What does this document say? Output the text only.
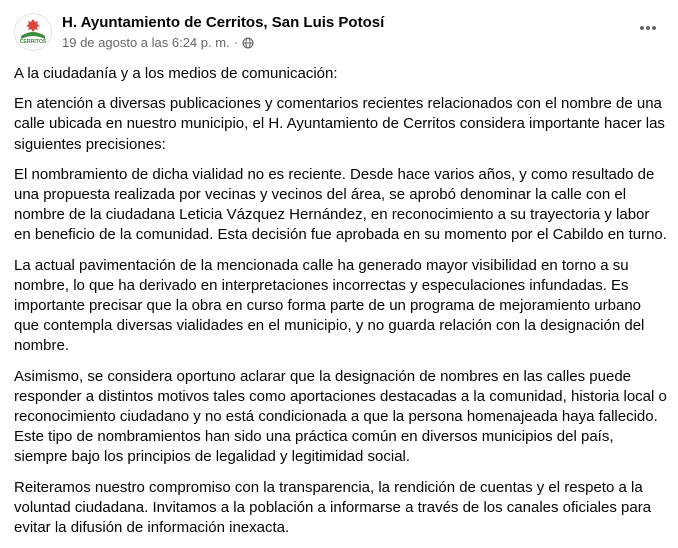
CERRITOS
H. Ayuntamiento de Cerritos, San Luis Potosí
19 de agosto a las 6:24 p. m. ·

A la ciudadanía y a los medios de comunicación:

En atención a diversas publicaciones y comentarios recientes relacionados con el nombre de una calle ubicada en nuestro municipio, el H. Ayuntamiento de Cerritos considera importante hacer las siguientes precisiones:

El nombramiento de dicha vialidad no es reciente. Desde hace varios años, y como resultado de una propuesta realizada por vecinas y vecinos del área, se aprobó denominar la calle con el nombre de la ciudadana Leticia Vázquez Hernández, en reconocimiento a su trayectoria y labor en beneficio de la comunidad. Esta decisión fue aprobada en su momento por el Cabildo en turno.

La actual pavimentación de la mencionada calle ha generado mayor visibilidad en torno a su nombre, lo que ha derivado en interpretaciones incorrectas y especulaciones infundadas. Es importante precisar que la obra en curso forma parte de un programa de mejoramiento urbano que contempla diversas vialidades en el municipio, y no guarda relación con la designación del nombre.

Asimismo, se considera oportuno aclarar que la designación de nombres en las calles puede responder a distintos motivos tales como aportaciones destacadas a la comunidad, historia local o reconocimiento ciudadano y no está condicionada a que la persona homenajeada haya fallecido. Este tipo de nombramientos han sido una práctica común en diversos municipios del país, siempre bajo los principios de legalidad y legitimidad social.

Reiteramos nuestro compromiso con la transparencia, la rendición de cuentas y el respeto a la voluntad ciudadana. Invitamos a la población a informarse a través de los canales oficiales para evitar la difusión de información inexacta.
